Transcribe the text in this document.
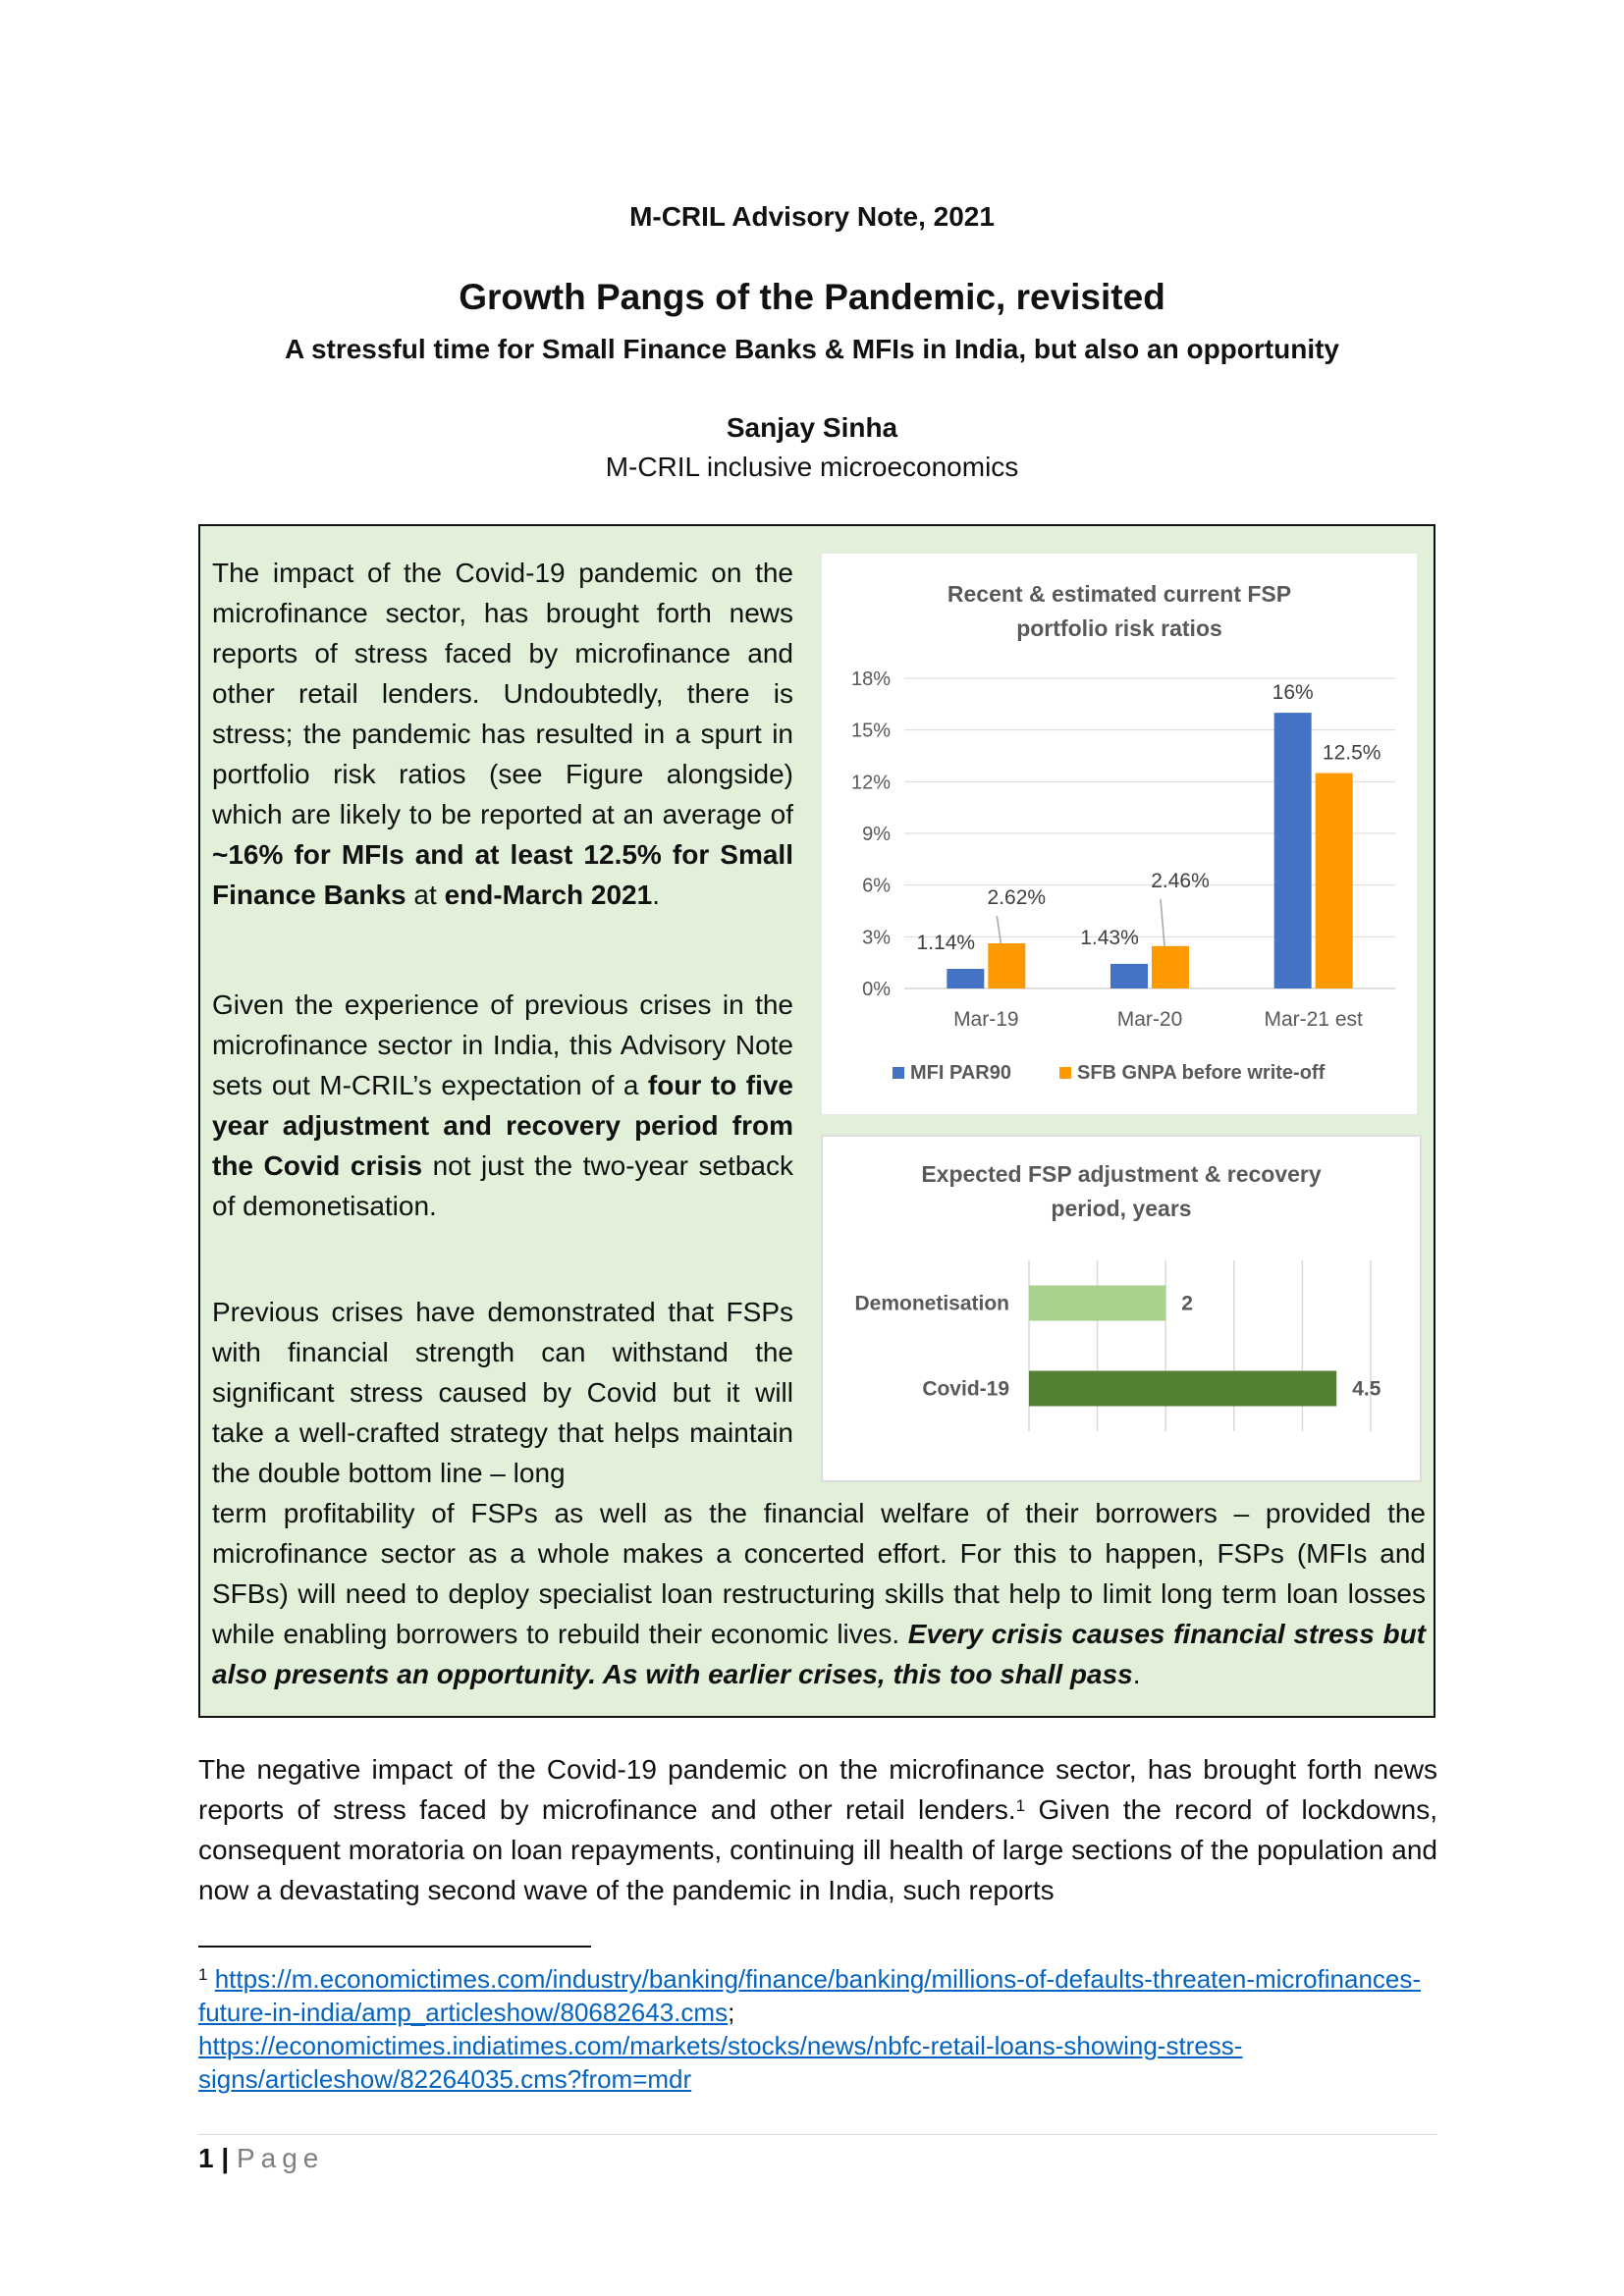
M-CRIL Advisory Note, 2021
Growth Pangs of the Pandemic, revisited
A stressful time for Small Finance Banks & MFIs in India, but also an opportunity
Sanjay Sinha
M-CRIL inclusive microeconomics

The impact of the Covid-19 pandemic on the microfinance sector, has brought forth news reports of stress faced by microfinance and other retail lenders. Undoubtedly, there is stress; the pandemic has resulted in a spurt in portfolio risk ratios (see Figure alongside) which are likely to be reported at an average of ~16% for MFIs and at least 12.5% for Small Finance Banks at end-March 2021.

Given the experience of previous crises in the microfinance sector in India, this Advisory Note sets out M-CRIL’s expectation of a four to five year adjustment and recovery period from the Covid crisis not just the two-year setback of demonetisation.

Previous crises have demonstrated that FSPs with financial strength can withstand the significant stress caused by Covid but it will take a well-crafted strategy that helps maintain the double bottom line – long

term profitability of FSPs as well as the financial welfare of their borrowers – provided the microfinance sector as a whole makes a concerted effort. For this to happen, FSPs (MFIs and SFBs) will need to deploy specialist loan restructuring skills that help to limit long term loan losses while enabling borrowers to rebuild their economic lives. Every crisis causes financial stress but also presents an opportunity. As with earlier crises, this too shall pass.

Recent & estimated current FSP
portfolio risk ratios
0%
3%
6%
9%
12%
15%
18%
Mar-19
1.14%
2.62%
Mar-20
1.43%
2.46%
Mar-21 est
16%
12.5%
MFI PAR90	SFB GNPA before write-off
Expected FSP adjustment & recovery
period, years
Demonetisation	2
Covid-19	4.5

The negative impact of the Covid-19 pandemic on the microfinance sector, has brought forth news reports of stress faced by microfinance and other retail lenders.$^1$ Given the record of lockdowns, consequent moratoria on loan repayments, continuing ill health of large sections of the population and now a devastating second wave of the pandemic in India, such reports

$^1$ https://m.economictimes.com/industry/banking/finance/banking/millions-of-defaults-threaten-microfinances-future-in-india/amp_articleshow/80682643.cms;
https://economictimes.indiatimes.com/markets/stocks/news/nbfc-retail-loans-showing-stress-signs/articleshow/82264035.cms?from=mdr
1 | Page
